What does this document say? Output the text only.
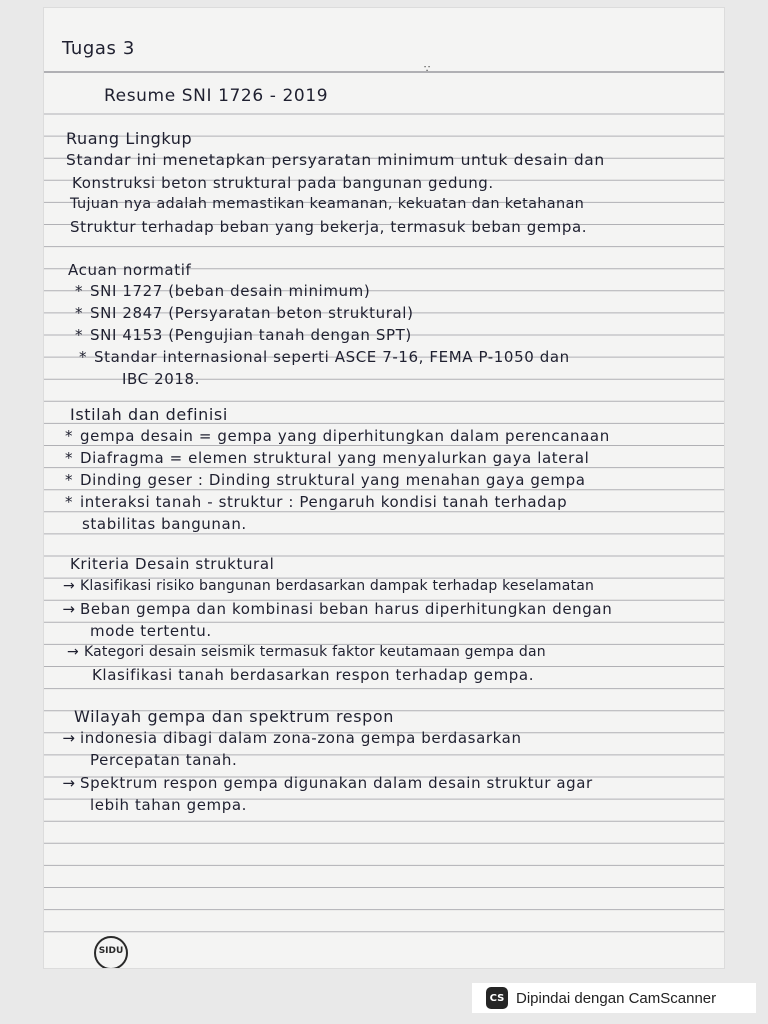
Tugas 3
∵
Resume SNI 1726 - 2019
Ruang Lingkup
Standar ini menetapkan persyaratan minimum untuk desain dan
Konstruksi beton struktural pada bangunan gedung.
Tujuan nya adalah memastikan keamanan, kekuatan dan ketahanan
Struktur terhadap beban yang bekerja, termasuk beban gempa.
Acuan normatif
* SNI 1727 (beban desain minimum)
* SNI 2847 (Persyaratan beton struktural)
* SNI 4153 (Pengujian tanah dengan SPT)
* Standar internasional seperti ASCE 7-16, FEMA P-1050 dan
IBC 2018.
Istilah dan definisi
* gempa desain = gempa yang diperhitungkan dalam perencanaan
* Diafragma = elemen struktural yang menyalurkan gaya lateral
* Dinding geser : Dinding struktural yang menahan gaya gempa
* interaksi tanah - struktur : Pengaruh kondisi tanah terhadap
stabilitas bangunan.
Kriteria Desain struktural
→ Klasifikasi risiko bangunan berdasarkan dampak terhadap keselamatan
→ Beban gempa dan kombinasi beban harus diperhitungkan dengan
mode tertentu.
→ Kategori desain seismik termasuk faktor keutamaan gempa dan
Klasifikasi tanah berdasarkan respon terhadap gempa.
Wilayah gempa dan spektrum respon
→ indonesia dibagi dalam zona-zona gempa berdasarkan
Percepatan tanah.
→ Spektrum respon gempa digunakan dalam desain struktur agar
lebih tahan gempa.
SIDU
CS Dipindai dengan CamScanner
